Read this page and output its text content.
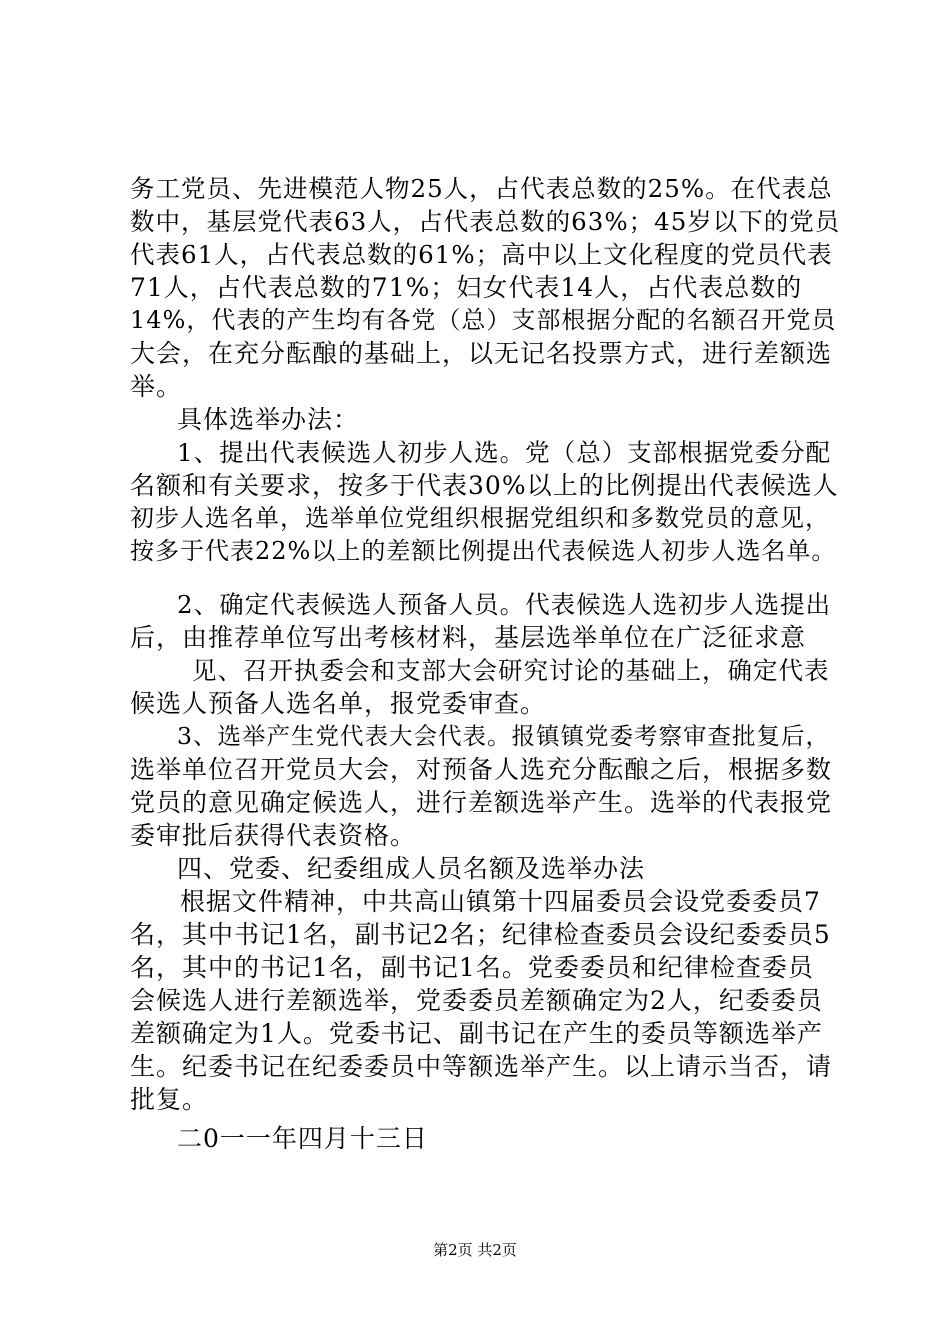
务工党员、先进模范人物25人，占代表总数的25%。在代表总
数中，基层党代表63人，占代表总数的63%；45岁以下的党员
代表61人，占代表总数的61%；高中以上文化程度的党员代表
71人，占代表总数的71%；妇女代表14人，占代表总数的
14%，代表的产生均有各党（总）支部根据分配的名额召开党员
大会，在充分酝酿的基础上，以无记名投票方式，进行差额选
举。
具体选举办法：
1、提出代表候选人初步人选。党（总）支部根据党委分配
名额和有关要求，按多于代表30%以上的比例提出代表候选人
初步人选名单，选举单位党组织根据党组织和多数党员的意见，
按多于代表22%以上的差额比例提出代表候选人初步人选名单。
2、确定代表候选人预备人员。代表候选人选初步人选提出
后，由推荐单位写出考核材料，基层选举单位在广泛征求意
见、召开执委会和支部大会研究讨论的基础上，确定代表
候选人预备人选名单，报党委审查。
3、选举产生党代表大会代表。报镇镇党委考察审查批复后，
选举单位召开党员大会，对预备人选充分酝酿之后，根据多数
党员的意见确定候选人，进行差额选举产生。选举的代表报党
委审批后获得代表资格。
四、党委、纪委组成人员名额及选举办法
根据文件精神，中共高山镇第十四届委员会设党委委员7
名，其中书记1名，副书记2名；纪律检查委员会设纪委委员5
名，其中的书记1名，副书记1名。党委委员和纪律检查委员
会候选人进行差额选举，党委委员差额确定为2人，纪委委员
差额确定为1人。党委书记、副书记在产生的委员等额选举产
生。纪委书记在纪委委员中等额选举产生。以上请示当否，请
批复。
二0一一年四月十三日
第2页 共2页
